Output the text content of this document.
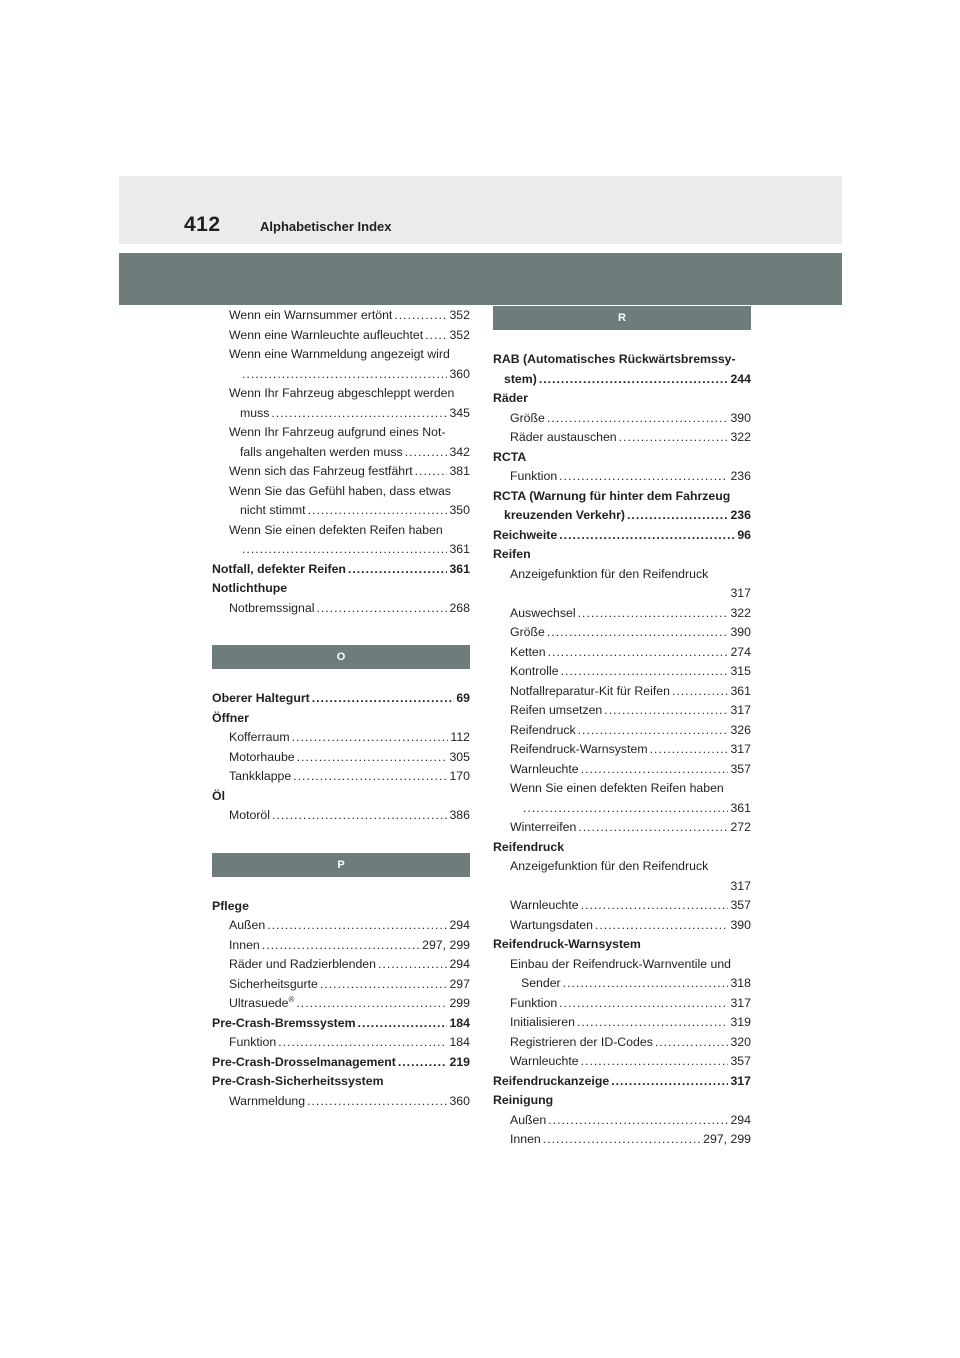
412	Alphabetischer Index
Wenn ein Warnsummer ertönt .....	352
Wenn eine Warnleuchte aufleuchtet ..... 352
Wenn eine Warnmeldung angezeigt wird
.....
360
Wenn Ihr Fahrzeug abgeschleppt werden
muss .....	345
Wenn Ihr Fahrzeug aufgrund eines Not-
falls angehalten werden muss .....	342
Wenn sich das Fahrzeug festfährt .....	381
Wenn Sie das Gefühl haben, dass etwas
nicht stimmt .....	350
Wenn Sie einen defekten Reifen haben
.....
361
Notfall, defekter Reifen .....	361
Notlichthupe
Notbremssignal .....	268
O
Oberer Haltegurt .....	69
Öffner
Kofferraum .....	112
Motorhaube .....	305
Tankklappe .....	170
Öl
Motoröl .....	386
P
Pflege
Außen .....	294
Innen .....	297, 299
Räder und Radzierblenden .....	294
Sicherheitsgurte .....	297
Ultrasuede® .....	299
Pre-Crash-Bremssystem .....	184
Funktion .....	184
Pre-Crash-Drosselmanagement .....	219
Pre-Crash-Sicherheitssystem
Warnmeldung .....	360
R
RAB (Automatisches Rückwärtsbremssy-
stem) .....	244
Räder
Größe .....	390
Räder austauschen .....	322
RCTA
Funktion .....	236
RCTA (Warnung für hinter dem Fahrzeug
kreuzenden Verkehr) .....	236
Reichweite .....	96
Reifen
Anzeigefunktion für den Reifendruck
317
Auswechsel .....	322
Größe .....	390
Ketten .....	274
Kontrolle .....	315
Notfallreparatur-Kit für Reifen .....	361
Reifen umsetzen .....	317
Reifendruck .....	326
Reifendruck-Warnsystem .....	317
Warnleuchte .....	357
Wenn Sie einen defekten Reifen haben
.....
361
Winterreifen .....	272
Reifendruck
Anzeigefunktion für den Reifendruck
317
Warnleuchte .....	357
Wartungsdaten .....	390
Reifendruck-Warnsystem
Einbau der Reifendruck-Warnventile und
Sender .....	318
Funktion .....	317
Initialisieren .....	319
Registrieren der ID-Codes .....	320
Warnleuchte .....	357
Reifendruckanzeige .....	317
Reinigung
Außen .....	294
Innen .....	297, 299
